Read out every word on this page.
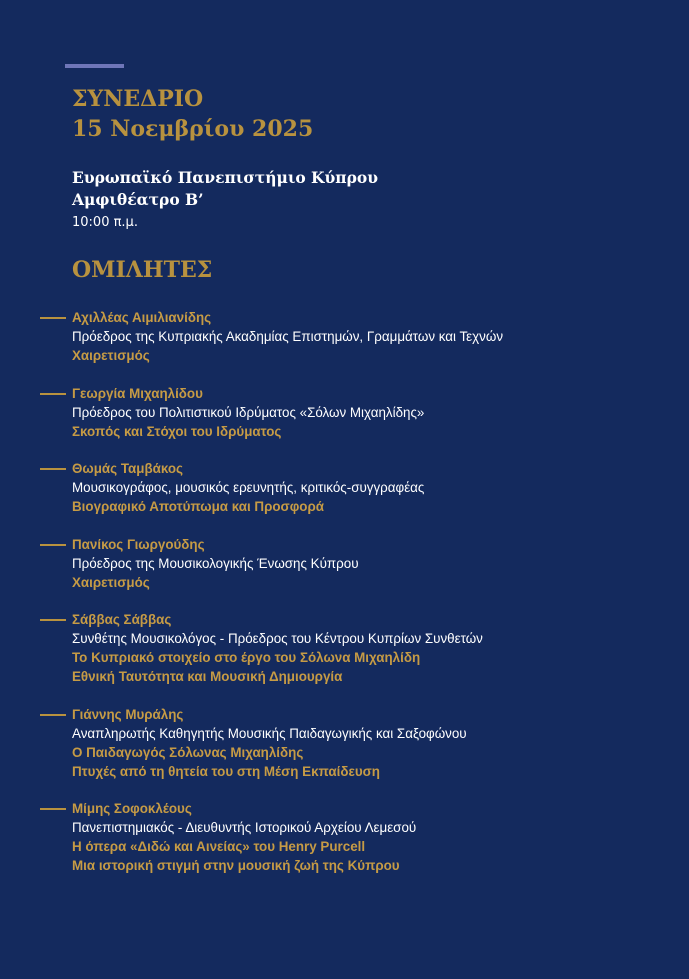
ΣΥΝΕΔΡΙΟ
15 Νοεμβρίου 2025
Ευρωπαϊκό Πανεπιστήμιο Κύπρου
Αμφιθέατρο Β’
10:00 π.μ.
ΟΜΙΛΗΤΕΣ
Αχιλλέας Αιμιλιανίδης
Πρόεδρος της Κυπριακής Ακαδημίας Επιστημών, Γραμμάτων και Τεχνών
Χαιρετισμός
Γεωργία Μιχαηλίδου
Πρόεδρος του Πολιτιστικού Ιδρύματος «Σόλων Μιχαηλίδης»
Σκοπός και Στόχοι του Ιδρύματος
Θωμάς Ταμβάκος
Μουσικογράφος, μουσικός ερευνητής, κριτικός-συγγραφέας
Βιογραφικό Αποτύπωμα και Προσφορά
Πανίκος Γιωργούδης
Πρόεδρος της Μουσικολογικής Ένωσης Κύπρου
Χαιρετισμός
Σάββας Σάββας
Συνθέτης Μουσικολόγος - Πρόεδρος του Κέντρου Κυπρίων Συνθετών
Το Κυπριακό στοιχείο στο έργο του Σόλωνα Μιχαηλίδη
Εθνική Ταυτότητα και Μουσική Δημιουργία
Γιάννης Μυράλης
Αναπληρωτής Καθηγητής Μουσικής Παιδαγωγικής και Σαξοφώνου
Ο Παιδαγωγός Σόλωνας Μιχαηλίδης
Πτυχές από τη θητεία του στη Μέση Εκπαίδευση
Μίμης Σοφοκλέους
Πανεπιστημιακός - Διευθυντής Ιστορικού Αρχείου Λεμεσού
Η όπερα «Διδώ και Αινείας» του Henry Purcell
Μια ιστορική στιγμή στην μουσική ζωή της Κύπρου
